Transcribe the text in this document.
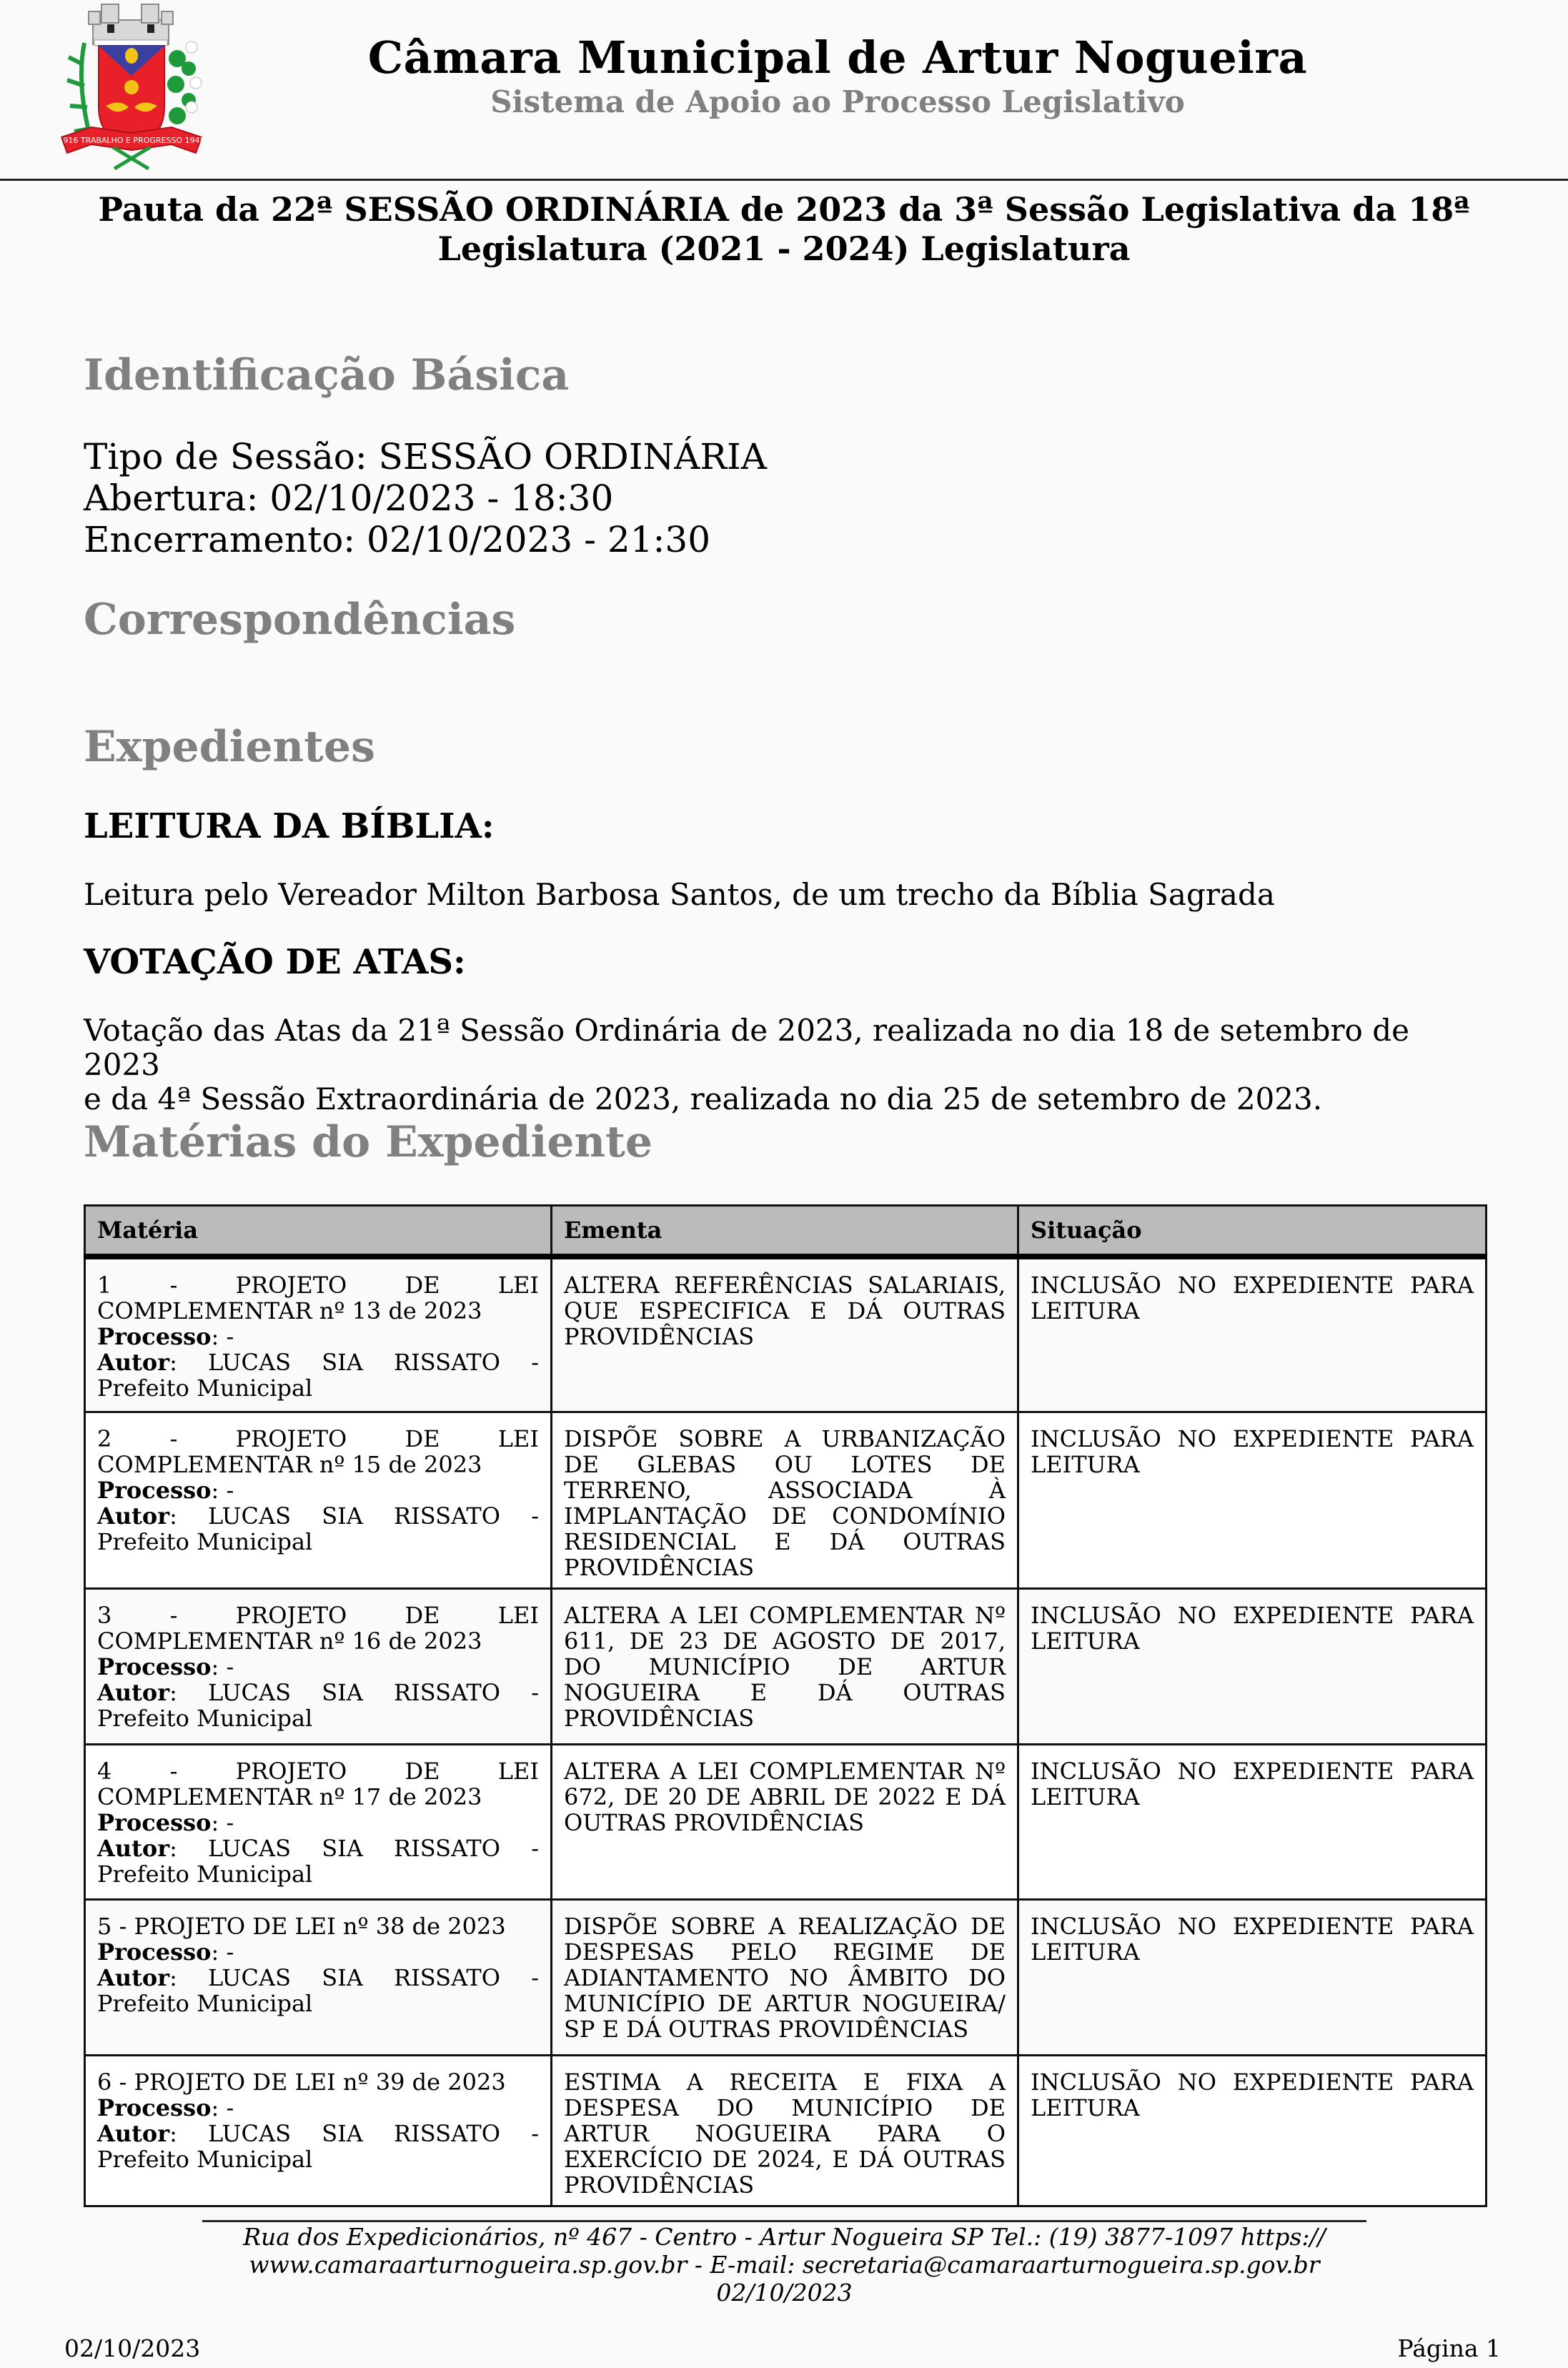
1916 TRABALHO E PROGRESSO 1948
Câmara Municipal de Artur Nogueira
Sistema de Apoio ao Processo Legislativo
Pauta da 22ª SESSÃO ORDINÁRIA de 2023 da 3ª Sessão Legislativa da 18ª
Legislatura (2021 - 2024) Legislatura
Identificação Básica
Tipo de Sessão: SESSÃO ORDINÁRIA
Abertura: 02/10/2023 - 18:30
Encerramento: 02/10/2023 - 21:30
Correspondências
Expedientes
LEITURA DA BÍBLIA:
Leitura pelo Vereador Milton Barbosa Santos, de um trecho da Bíblia Sagrada
VOTAÇÃO DE ATAS:
Votação das Atas da 21ª Sessão Ordinária de 2023, realizada no dia 18 de setembro de 2023
e da 4ª Sessão Extraordinária de 2023, realizada no dia 25 de setembro de 2023.
Matérias do Expediente
Matéria	Ementa	Situação

1 - PROJETO DE LEI COMPLEMENTAR nº 13 de 2023
Processo: -
Autor: LUCAS SIA RISSATO - Prefeito Municipal	ALTERA REFERÊNCIAS SALARIAIS, QUE ESPECIFICA E DÁ OUTRAS PROVIDÊNCIAS	INCLUSÃO NO EXPEDIENTE PARA LEITURA

2 - PROJETO DE LEI COMPLEMENTAR nº 15 de 2023
Processo: -
Autor: LUCAS SIA RISSATO - Prefeito Municipal	DISPÕE SOBRE A URBANIZAÇÃO DE GLEBAS OU LOTES DE TERRENO, ASSOCIADA À IMPLANTAÇÃO DE CONDOMÍNIO RESIDENCIAL E DÁ OUTRAS PROVIDÊNCIAS	INCLUSÃO NO EXPEDIENTE PARA LEITURA

3 - PROJETO DE LEI COMPLEMENTAR nº 16 de 2023
Processo: -
Autor: LUCAS SIA RISSATO - Prefeito Municipal	ALTERA A LEI COMPLEMENTAR Nº 611, DE 23 DE AGOSTO DE 2017, DO MUNICÍPIO DE ARTUR NOGUEIRA E DÁ OUTRAS PROVIDÊNCIAS	INCLUSÃO NO EXPEDIENTE PARA LEITURA

4 - PROJETO DE LEI COMPLEMENTAR nº 17 de 2023
Processo: -
Autor: LUCAS SIA RISSATO - Prefeito Municipal	ALTERA A LEI COMPLEMENTAR Nº 672, DE 20 DE ABRIL DE 2022 E DÁ OUTRAS PROVIDÊNCIAS	INCLUSÃO NO EXPEDIENTE PARA LEITURA

5 - PROJETO DE LEI nº 38 de 2023
Processo: -
Autor: LUCAS SIA RISSATO - Prefeito Municipal	DISPÕE SOBRE A REALIZAÇÃO DE DESPESAS PELO REGIME DE ADIANTAMENTO NO ÂMBITO DO MUNICÍPIO DE ARTUR NOGUEIRA/ SP E DÁ OUTRAS PROVIDÊNCIAS	INCLUSÃO NO EXPEDIENTE PARA LEITURA

6 - PROJETO DE LEI nº 39 de 2023
Processo: -
Autor: LUCAS SIA RISSATO - Prefeito Municipal	ESTIMA A RECEITA E FIXA A DESPESA DO MUNICÍPIO DE ARTUR NOGUEIRA PARA O EXERCÍCIO DE 2024, E DÁ OUTRAS PROVIDÊNCIAS	INCLUSÃO NO EXPEDIENTE PARA LEITURA
Rua dos Expedicionários, nº 467 - Centro - Artur Nogueira SP Tel.: (19) 3877-1097 https://
www.camaraarturnogueira.sp.gov.br - E-mail: secretaria@camaraarturnogueira.sp.gov.br
02/10/2023
02/10/2023	Página 1
